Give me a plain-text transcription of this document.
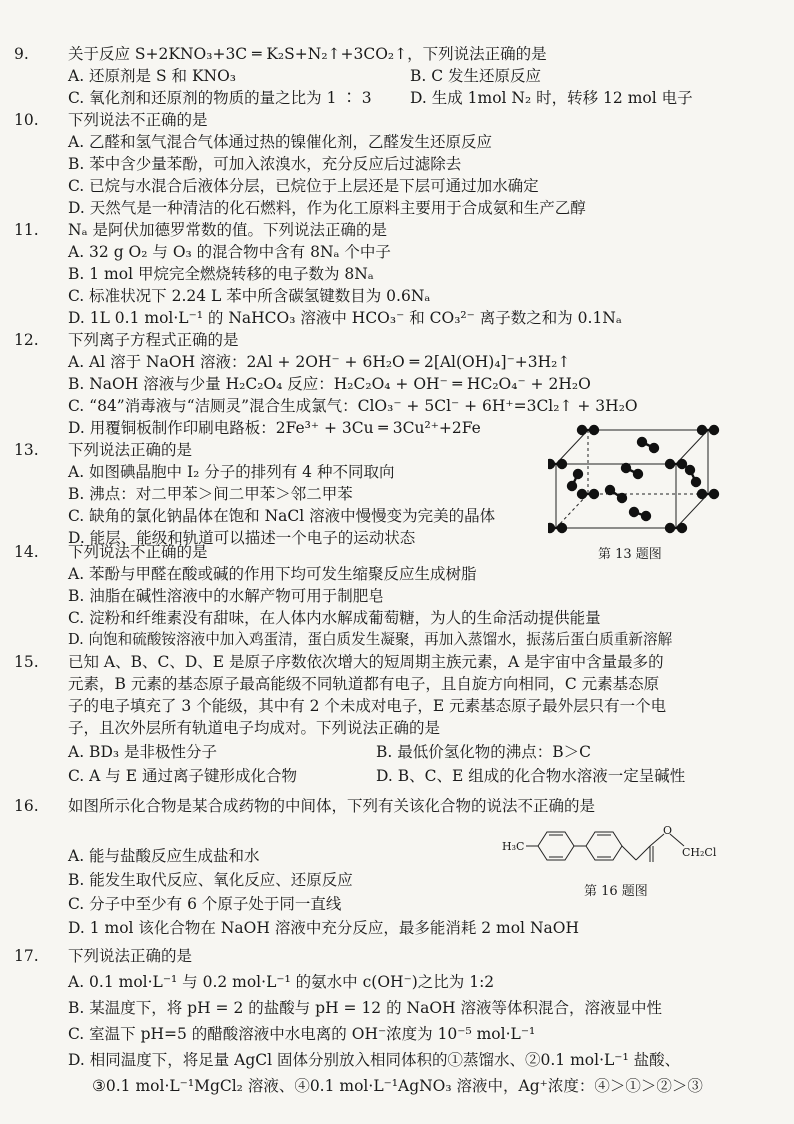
9.	关于反应 S+2KNO₃+3C ═ K₂S+N₂↑+3CO₂↑，下列说法正确的是
A. 还原剂是 S 和 KNO₃	B. C 发生还原反应
C. 氧化剂和还原剂的物质的量之比为 1 ∶ 3 D. 生成 1mol N₂ 时，转移 12 mol 电子
10. 下列说法不正确的是
A. 乙醛和氢气混合气体通过热的镍催化剂，乙醛发生还原反应
B. 苯中含少量苯酚，可加入浓溴水，充分反应后过滤除去
C. 已烷与水混合后液体分层，已烷位于上层还是下层可通过加水确定
D. 天然气是一种清洁的化石燃料，作为化工原料主要用于合成氨和生产乙醇
11. Nₐ 是阿伏加德罗常数的值。下列说法正确的是
A. 32 g O₂ 与 O₃ 的混合物中含有 8Nₐ 个中子
B. 1 mol 甲烷完全燃烧转移的电子数为 8Nₐ
C. 标准状况下 2.24 L 苯中所含碳氢键数目为 0.6Nₐ
D. 1L 0.1 mol·L⁻¹ 的 NaHCO₃ 溶液中 HCO₃⁻ 和 CO₃²⁻ 离子数之和为 0.1Nₐ
12. 下列离子方程式正确的是
A. Al 溶于 NaOH 溶液：2Al + 2OH⁻ + 6H₂O ═ 2[Al(OH)₄]⁻+3H₂↑
B. NaOH 溶液与少量 H₂C₂O₄ 反应：H₂C₂O₄ + OH⁻ ═ HC₂O₄⁻ + 2H₂O
C. “84”消毒液与“洁厕灵”混合生成氯气：ClO₃⁻ + 5Cl⁻ + 6H⁺=3Cl₂↑ + 3H₂O
D. 用覆铜板制作印刷电路板：2Fe³⁺ + 3Cu ═ 3Cu²⁺+2Fe
13. 下列说法正确的是
A. 如图碘晶胞中 I₂ 分子的排列有 4 种不同取向
B. 沸点：对二甲苯＞间二甲苯＞邻二甲苯
C. 缺角的氯化钠晶体在饱和 NaCl 溶液中慢慢变为完美的晶体
D. 能层、能级和轨道可以描述一个电子的运动状态
第 13 题图
14. 下列说法不正确的是
A. 苯酚与甲醛在酸或碱的作用下均可发生缩聚反应生成树脂
B. 油脂在碱性溶液中的水解产物可用于制肥皂
C. 淀粉和纤维素没有甜味，在人体内水解成葡萄糖，为人的生命活动提供能量
D. 向饱和硫酸铵溶液中加入鸡蛋清，蛋白质发生凝聚，再加入蒸馏水，振荡后蛋白质重新溶解
15. 已知 A、B、C、D、E 是原子序数依次增大的短周期主族元素，A 是宇宙中含量最多的
元素，B 元素的基态原子最高能级不同轨道都有电子，且自旋方向相同，C 元素基态原
子的电子填充了 3 个能级，其中有 2 个未成对电子，E 元素基态原子最外层只有一个电
子，且次外层所有轨道电子均成对。下列说法正确的是
A. BD₃ 是非极性分子	B. 最低价氢化物的沸点：B＞C
C. A 与 E 通过离子键形成化合物	D. B、C、E 组成的化合物水溶液一定呈碱性
16. 如图所示化合物是某合成药物的中间体，下列有关该化合物的说法不正确的是
A. 能与盐酸反应生成盐和水
B. 能发生取代反应、氧化反应、还原反应
C. 分子中至少有 6 个原子处于同一直线
D. 1 mol 该化合物在 NaOH 溶液中充分反应，最多能消耗 2 mol NaOH
H₃C
O
CH₂Cl
第 16 题图
17. 下列说法正确的是
A. 0.1 mol·L⁻¹ 与 0.2 mol·L⁻¹ 的氨水中 c(OH⁻)之比为 1:2
B. 某温度下，将 pH = 2 的盐酸与 pH = 12 的 NaOH 溶液等体积混合，溶液显中性
C. 室温下 pH=5 的醋酸溶液中水电离的 OH⁻浓度为 10⁻⁵ mol·L⁻¹
D. 相同温度下，将足量 AgCl 固体分别放入相同体积的①蒸馏水、②0.1 mol·L⁻¹ 盐酸、
③0.1 mol·L⁻¹MgCl₂ 溶液、④0.1 mol·L⁻¹AgNO₃ 溶液中，Ag⁺浓度：④＞①＞②＞③
